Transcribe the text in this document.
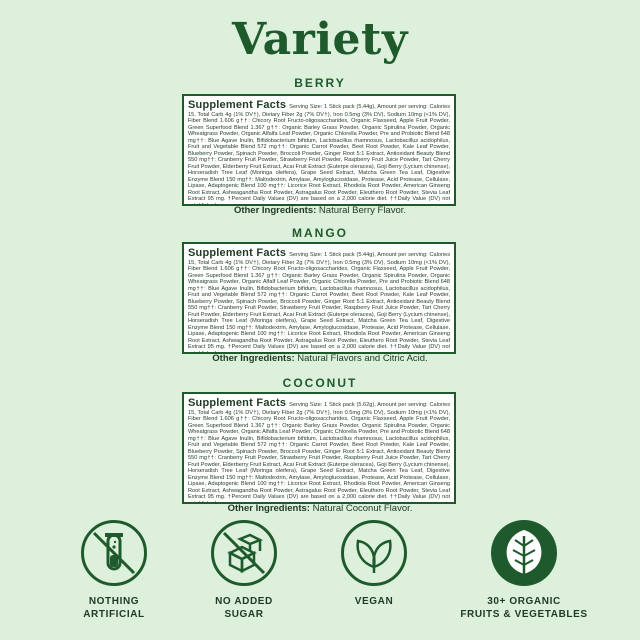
Variety
BERRY
Supplement Facts Serving Size: 1 Stick pack (5.44g), Amount per serving: Calories 15, Total Carb 4g (1% DV†), Dietary Fiber 2g (7% DV†), Iron 0.5mg (3% DV), Sodium 10mg (<1% DV), Fiber Blend 1.606 g††: Chicory Root Fructo-oligosaccharides, Organic Flaxseed, Apple Fruit Powder, Green Superfood Blend 1.367 g††: Organic Barley Grass Powder, Organic Spirulina Powder, Organic Wheatgrass Powder, Organic Alfalfa Leaf Powder, Organic Chlorella Powder, Pre and Probiotic Blend 648 mg††: Blue Agave Inulin, Bifidobacterium bifidum, Lactobacillus rhamnosus, Lactobacillus acidophilus, Fruit and Vegetable Blend 572 mg††: Organic Carrot Powder, Beet Root Powder, Kale Leaf Powder, Blueberry Powder, Spinach Powder, Broccoli Powder, Ginger Root 5:1 Extract, Antioxidant Beauty Blend 550 mg††: Cranberry Fruit Powder, Strawberry Fruit Powder, Raspberry Fruit Juice Powder, Tart Cherry Fruit Powder, Elderberry Fruit Extract, Acai Fruit Extract (Euterpe oleracea), Goji Berry (Lycium chinense), Horseradish Tree Leaf (Moringa oleifera), Grape Seed Extract, Matcha Green Tea Leaf, Digestive Enzyme Blend 150 mg††: Maltodextrin, Amylase, Amyloglucosidase, Protease, Acid Protease, Cellulase, Lipase, Adaptogenic Blend 100 mg††: Licorice Root Extract, Rhodiola Root Powder, American Ginseng Root Extract, Ashwagandha Root Powder, Astragalus Root Powder, Eleuthero Root Powder, Stevia Leaf Extract 95 mg. †Percent Daily Values (DV) are based on a 2,000 calorie diet. ††Daily Value (DV) not established.	Other Ingredients: Natural Berry Flavor.
MANGO
Supplement Facts Serving Size: 1 Stick pack (5.44g), Amount per serving: Calories 15, Total Carb 4g (1% DV†), Dietary Fiber 2g (7% DV†), Iron 0.5mg (3% DV), Sodium 10mg (<1% DV), Fiber Blend 1.606 g††: Chicory Root Fructo-oligosaccharides, Organic Flaxseed, Apple Fruit Powder, Green Superfood Blend 1.367 g††: Organic Barley Grass Powder, Organic Spirulina Powder, Organic Wheatgrass Powder, Organic Alfalf Leaf Powder, Organic Chlorella Powder, Pre and Probiotic Blend 648 mg††: Blue Agave Inulin, Bifidobacterium bifidum, Lactobacillus rhamnosus, Lactobacillus acidophilus, Fruit and Vegetable Blend 572 mg††: Organic Carrot Powder, Beet Root Powder, Kale Leaf Powder, Blueberry Powder, Spinach Powder, Broccoli Powder, Ginger Root 5:1 Extract, Antioxidant Beauty Blend 550 mg††: Cranberry Fruit Powder, Strawberry Fruit Powder, Raspberry Fruit Juice Powder, Tart Cherry Fruit Powder, Elderberry Fruit Extract, Acai Fruit Extract (Euterpe oleracea), Goji Berry (Lycium chinense), Horseradish Tree Leaf (Moringa oleifera), Grape Seed Extract, Matcha Green Tea Leaf, Digestive Enzyme Blend 150 mg††: Maltodextrin, Amylase, Amyloglucosidase, Protease, Acid Protease, Cellulase, Lipase, Adaptogenic Blend 100 mg††: Licorice Root Extract, Rhodiola Root Powder, American Ginseng Root Extract, Ashwagandha Root Powder, Astragalus Root Powder, Eleuthero Root Powder, Stevia Leaf Extract 95 mg. †Percent Daily Values (DV) are based on a 2,000 calorie diet. ††Daily Value (DV) not established.
Other Ingredients: Natural Flavors and Citric Acid.
COCONUT
Supplement Facts Serving Size: 1 Stick pack (5.62g), Amount per serving: Calories 15, Total Carb 4g (1% DV†), Dietary Fiber 2g (7% DV†), Iron 0.5mg (3% DV), Sodium 10mg (<1% DV), Fiber Blend 1.606 g††: Chicory Root Fructo-oligosaccharides, Organic Flaxseed, Apple Fruit Powder, Green Superfood Blend 1.367 g††: Organic Barley Grass Powder, Organic Spirulina Powder, Organic Wheatgrass Powder, Organic Alfalfa Leaf Powder, Organic Chlorella Powder, Pre and Probiotic Blend 648 mg††: Blue Agave Inulin, Bifidobacterium bifidum, Lactobacillus rhamnosus, Lactobacillus acidophilus, Fruit and Vegetable Blend 572 mg††: Organic Carrot Powder, Beet Root Powder, Kale Leaf Powder, Blueberry Powder, Spinach Powder, Broccoli Powder, Ginger Root 5:1 Extract, Antioxidant Beauty Blend 550 mg††: Cranberry Fruit Powder, Strawberry Fruit Powder, Raspberry Fruit Juice Powder, Tart Cherry Fruit Powder, Elderberry Fruit Extract, Acai Fruit Extract (Euterpe oleracea), Goji Berry (Lycium chinense), Horseradish Tree Leaf (Moringa oleifera), Grape Seed Extract, Matcha Green Tea Leaf, Digestive Enzyme Blend 150 mg††: Maltodextrin, Amylase, Amyloglucosidase, Protease, Acid Protease, Cellulase, Lipase, Adaptogenic Blend 100 mg††: Licorice Root Extract, Rhodiola Root Powder, American Ginseng Root Extract, Ashwagandha Root Powder, Astragalus Root Powder, Eleuthero Root Powder, Stevia Leaf Extract 95 mg. †Percent Daily Values (DV) are based on a 2,000 calorie diet. ††Daily Value (DV) not established.	Other Ingredients: Natural Coconut Flavor.
NOTHING
ARTIFICIAL
NO ADDED
SUGAR
VEGAN	30+ ORGANIC
FRUITS & VEGETABLES
